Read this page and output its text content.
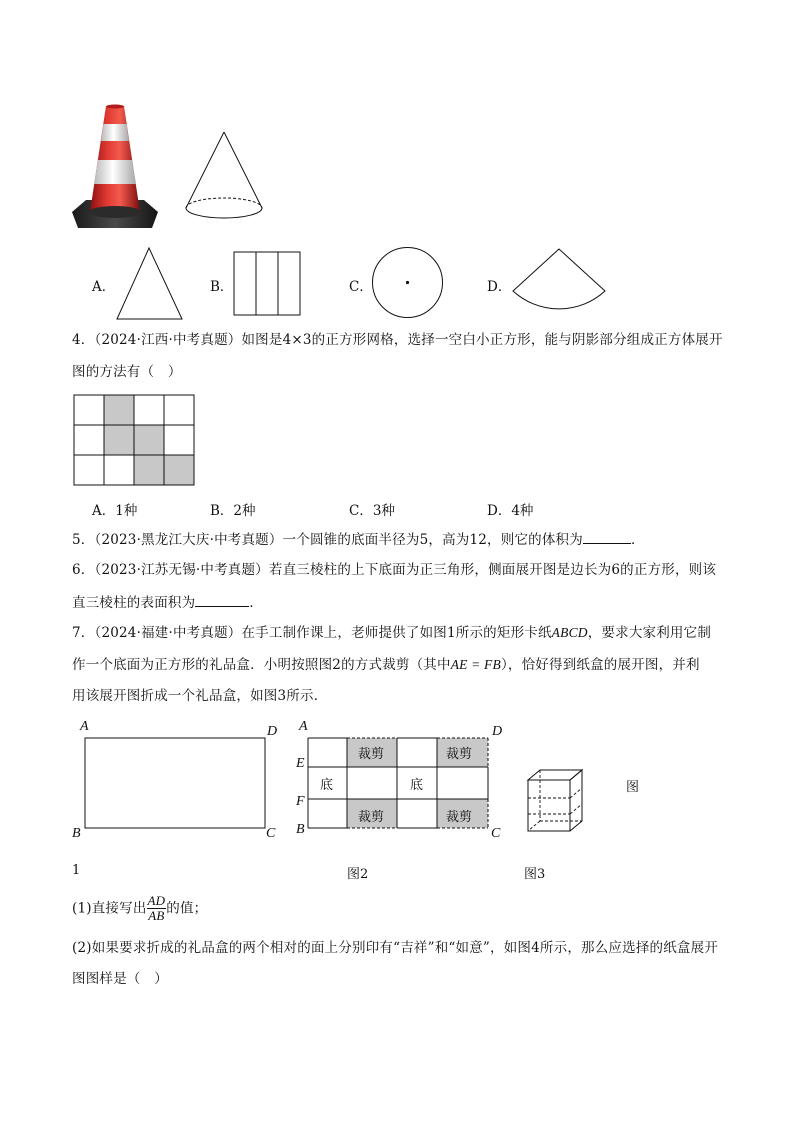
A．	B．	C．	D．
4．（2024·江西·中考真题）如图是4×3的正方形网格，选择一空白小正方形，能与阴影部分组成正方体展开
图的方法有（　）
A．1种	B．2种	C．3种	D．4种
5．（2023·黑龙江大庆·中考真题）一个圆锥的底面半径为5，高为12，则它的体积为	．
6．（2023·江苏无锡·中考真题）若直三棱柱的上下底面为正三角形，侧面展开图是边长为6的正方形，则该
直三棱柱的表面积为	．
7．（2024·福建·中考真题）在手工制作课上，老师提供了如图1所示的矩形卡纸ABCD，要求大家利用它制
作一个底面为正方形的礼品盒．小明按照图2的方式裁剪（其中AE = FB），恰好得到纸盒的展开图，并利
用该展开图折成一个礼品盒，如图3所示．
A	D
B	C
1
裁剪	裁剪
裁剪	裁剪
底	底
A	D
E
F
B	C
图2
图
图3
(1)直接写出 $\frac{AD}{AB}$ 的值；
(2)如果要求折成的礼品盒的两个相对的面上分别印有“吉祥”和“如意”，如图4所示，那么应选择的纸盒展开
图图样是（　）
